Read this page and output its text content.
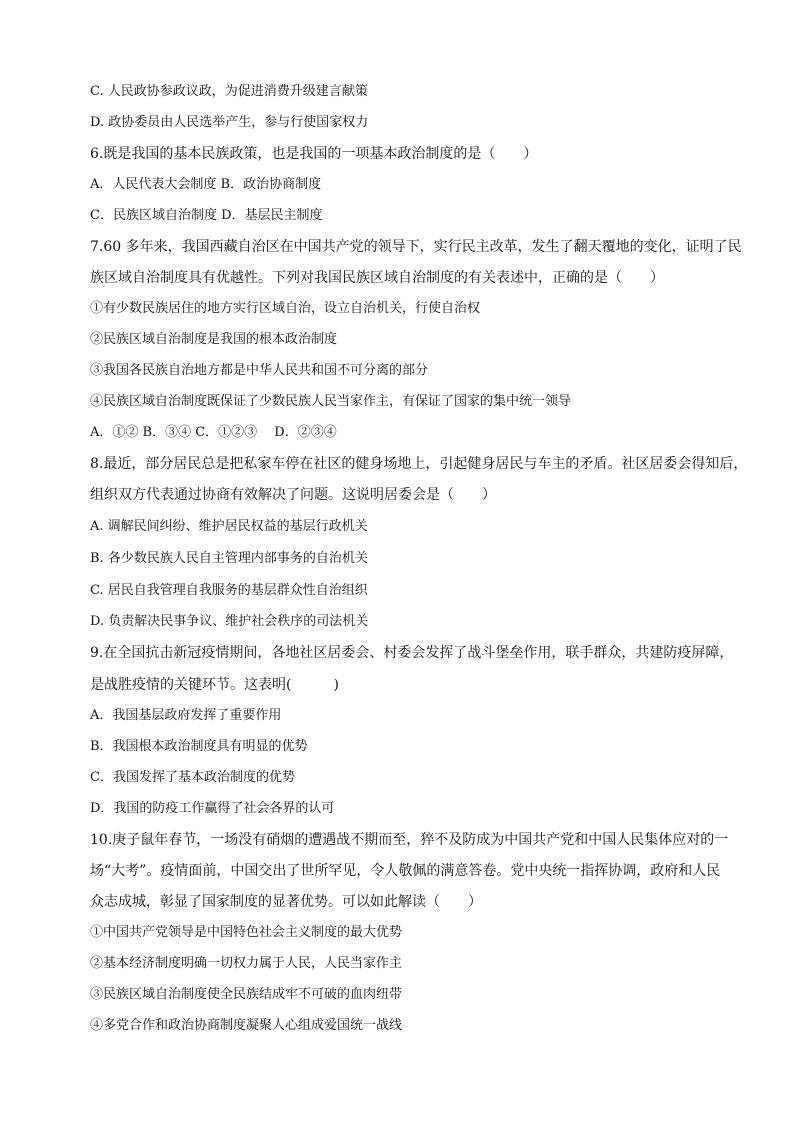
C. 人民政协参政议政，为促进消费升级建言献策
D. 政协委员由人民选举产生，参与行使国家权力
6.既是我国的基本民族政策，也是我国的一项基本政治制度的是（　　）
A．人民代表大会制度 B．政治协商制度
C．民族区域自治制度 D．基层民主制度
7.60 多年来，我国西藏自治区在中国共产党的领导下，实行民主改革，发生了翻天覆地的变化，证明了民
族区域自治制度具有优越性。下列对我国民族区域自治制度的有关表述中，正确的是（　　）
①有少数民族居住的地方实行区域自治，设立自治机关，行使自治权
②民族区域自治制度是我国的根本政治制度
③我国各民族自治地方都是中华人民共和国不可分离的部分
④民族区域自治制度既保证了少数民族人民当家作主，有保证了国家的集中统一领导
A．①② B．③④ C．①②③　 D．②③④
8.最近，部分居民总是把私家车停在社区的健身场地上，引起健身居民与车主的矛盾。社区居委会得知后，
组织双方代表通过协商有效解决了问题。这说明居委会是（　　）
A. 调解民间纠纷、维护居民权益的基层行政机关
B. 各少数民族人民自主管理内部事务的自治机关
C. 居民自我管理自我服务的基层群众性自治组织
D. 负责解决民事争议、维护社会秩序的司法机关
9.在全国抗击新冠疫情期间，各地社区居委会、村委会发挥了战斗堡垒作用，联手群众，共建防疫屏障，
是战胜疫情的关键环节。这表明(　　　)
A．我国基层政府发挥了重要作用
B．我国根本政治制度具有明显的优势
C．我国发挥了基本政治制度的优势
D．我国的防疫工作赢得了社会各界的认可
10.庚子鼠年春节，一场没有硝烟的遭遇战不期而至，猝不及防成为中国共产党和中国人民集体应对的一
场“大考”。疫情面前，中国交出了世所罕见，令人敬佩的满意答卷。党中央统一指挥协调，政府和人民
众志成城，彰显了国家制度的显著优势。可以如此解读（　　）
①中国共产党领导是中国特色社会主义制度的最大优势
②基本经济制度明确一切权力属于人民，人民当家作主
③民族区域自治制度使全民族结成牢不可破的血肉纽带
④多党合作和政治协商制度凝聚人心组成爱国统一战线
